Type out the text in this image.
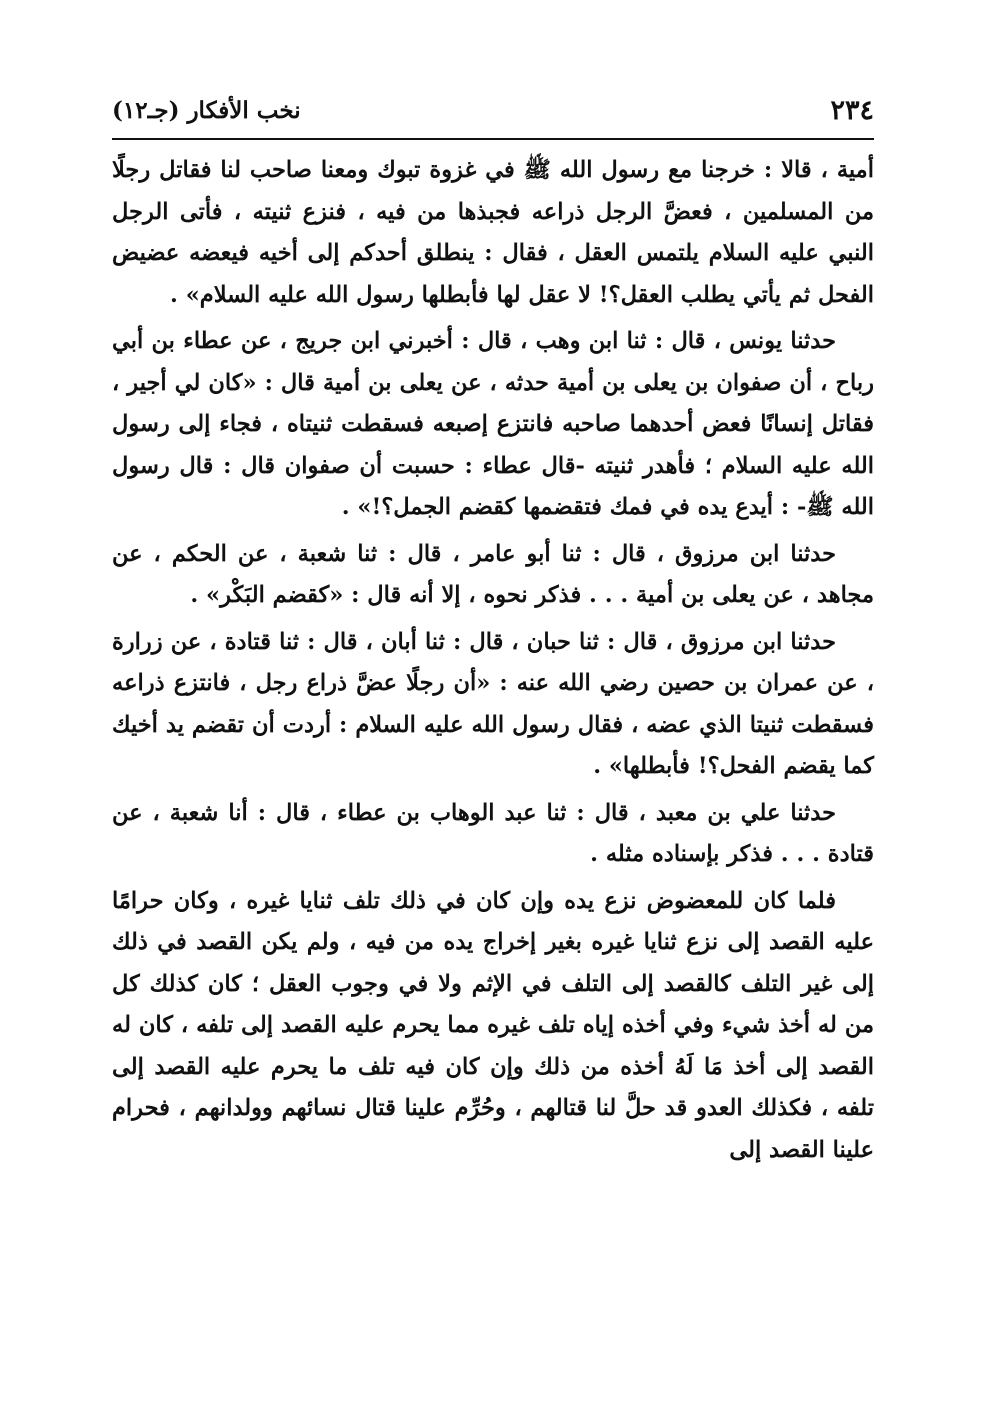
٢٣٤
نخب الأفكار (جـ١٢)

أمية ، قالا : خرجنا مع رسول الله ﷺ في غزوة تبوك ومعنا صاحب لنا فقاتل رجلًا من المسلمين ، فعضَّ الرجل ذراعه فجبذها من فيه ، فنزع ثنيته ، فأتى الرجل النبي عليه السلام يلتمس العقل ، فقال : ينطلق أحدكم إلى أخيه فيعضه عضيض الفحل ثم يأتي يطلب العقل؟! لا عقل لها فأبطلها رسول الله عليه السلام» .

حدثنا يونس ، قال : ثنا ابن وهب ، قال : أخبرني ابن جريج ، عن عطاء بن أبي رباح ، أن صفوان بن يعلى بن أمية حدثه ، عن يعلى بن أمية قال : «كان لي أجير ، فقاتل إنسانًا فعض أحدهما صاحبه فانتزع إصبعه فسقطت ثنيتاه ، فجاء إلى رسول الله عليه السلام ؛ فأهدر ثنيته -قال عطاء : حسبت أن صفوان قال : قال رسول الله ﷺ- : أيدع يده في فمك فتقضمها كقضم الجمل؟!» .

حدثنا ابن مرزوق ، قال : ثنا أبو عامر ، قال : ثنا شعبة ، عن الحكم ، عن مجاهد ، عن يعلى بن أمية . . . فذكر نحوه ، إلا أنه قال : «كقضم البَكْر» .

حدثنا ابن مرزوق ، قال : ثنا حبان ، قال : ثنا أبان ، قال : ثنا قتادة ، عن زرارة ، عن عمران بن حصين رضي الله عنه : «أن رجلًا عضَّ ذراع رجل ، فانتزع ذراعه فسقطت ثنيتا الذي عضه ، فقال رسول الله عليه السلام : أردت أن تقضم يد أخيك كما يقضم الفحل؟! فأبطلها» .

حدثنا علي بن معبد ، قال : ثنا عبد الوهاب بن عطاء ، قال : أنا شعبة ، عن قتادة . . . فذكر بإسناده مثله .

فلما كان للمعضوض نزع يده وإن كان في ذلك تلف ثنايا غيره ، وكان حرامًا عليه القصد إلى نزع ثنايا غيره بغير إخراج يده من فيه ، ولم يكن القصد في ذلك إلى غير التلف كالقصد إلى التلف في الإثم ولا في وجوب العقل ؛ كان كذلك كل من له أخذ شيء وفي أخذه إياه تلف غيره مما يحرم عليه القصد إلى تلفه ، كان له القصد إلى أخذ مَا لَهُ أخذه من ذلك وإن كان فيه تلف ما يحرم عليه القصد إلى تلفه ، فكذلك العدو قد حلَّ لنا قتالهم ، وحُرِّم علينا قتال نسائهم وولدانهم ، فحرام علينا القصد إلى
